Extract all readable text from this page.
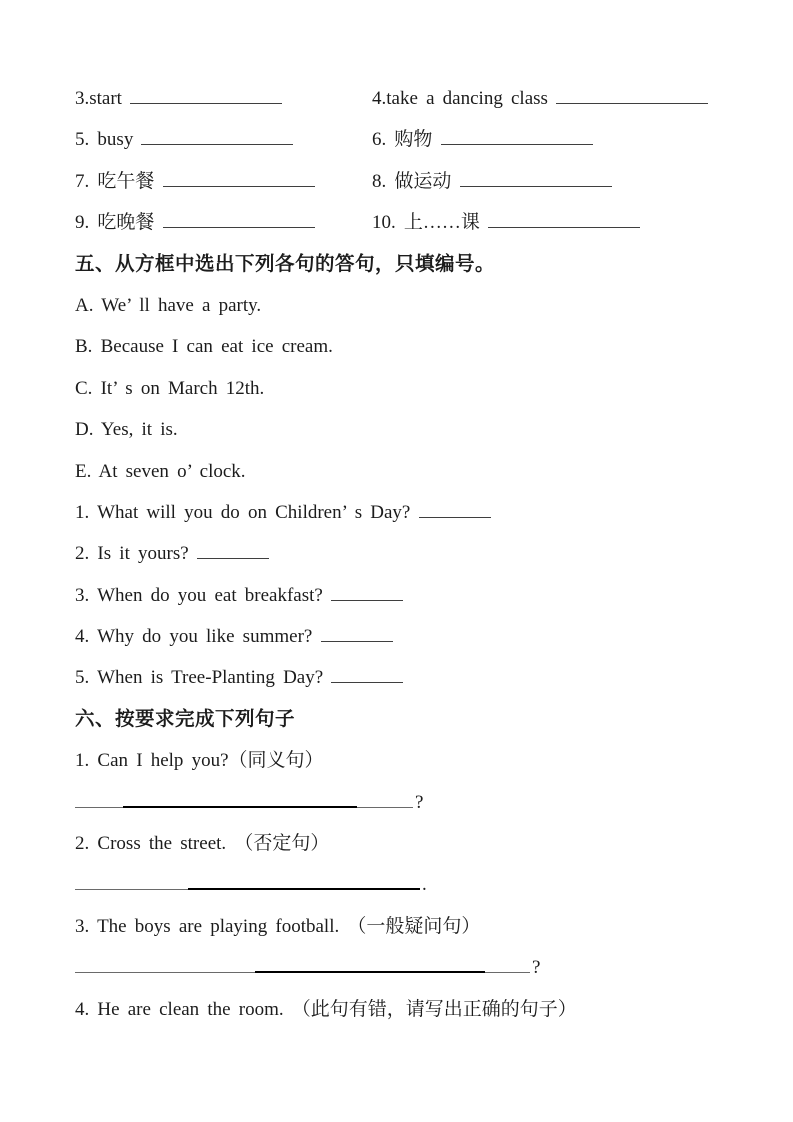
3.start	4.take a dancing class
5. busy	6. 购物
7. 吃午餐	8. 做运动
9. 吃晚餐	10. 上……课
五、从方框中选出下列各句的答句，只填编号。
A. We’ ll have a party.
B. Because I can eat ice cream.
C. It’ s on March 12th.
D. Yes, it is.
E. At seven o’ clock.
1. What will you do on Children’ s Day?
2. Is it yours?
3. When do you eat breakfast?
4. Why do you like summer?
5. When is Tree-Planting Day?
六、按要求完成下列句子
1. Can I help you?（同义句）
?
2. Cross the street. （否定句）
.
3. The boys are playing football. （一般疑问句）
?
4. He are clean the room. （此句有错，请写出正确的句子）
